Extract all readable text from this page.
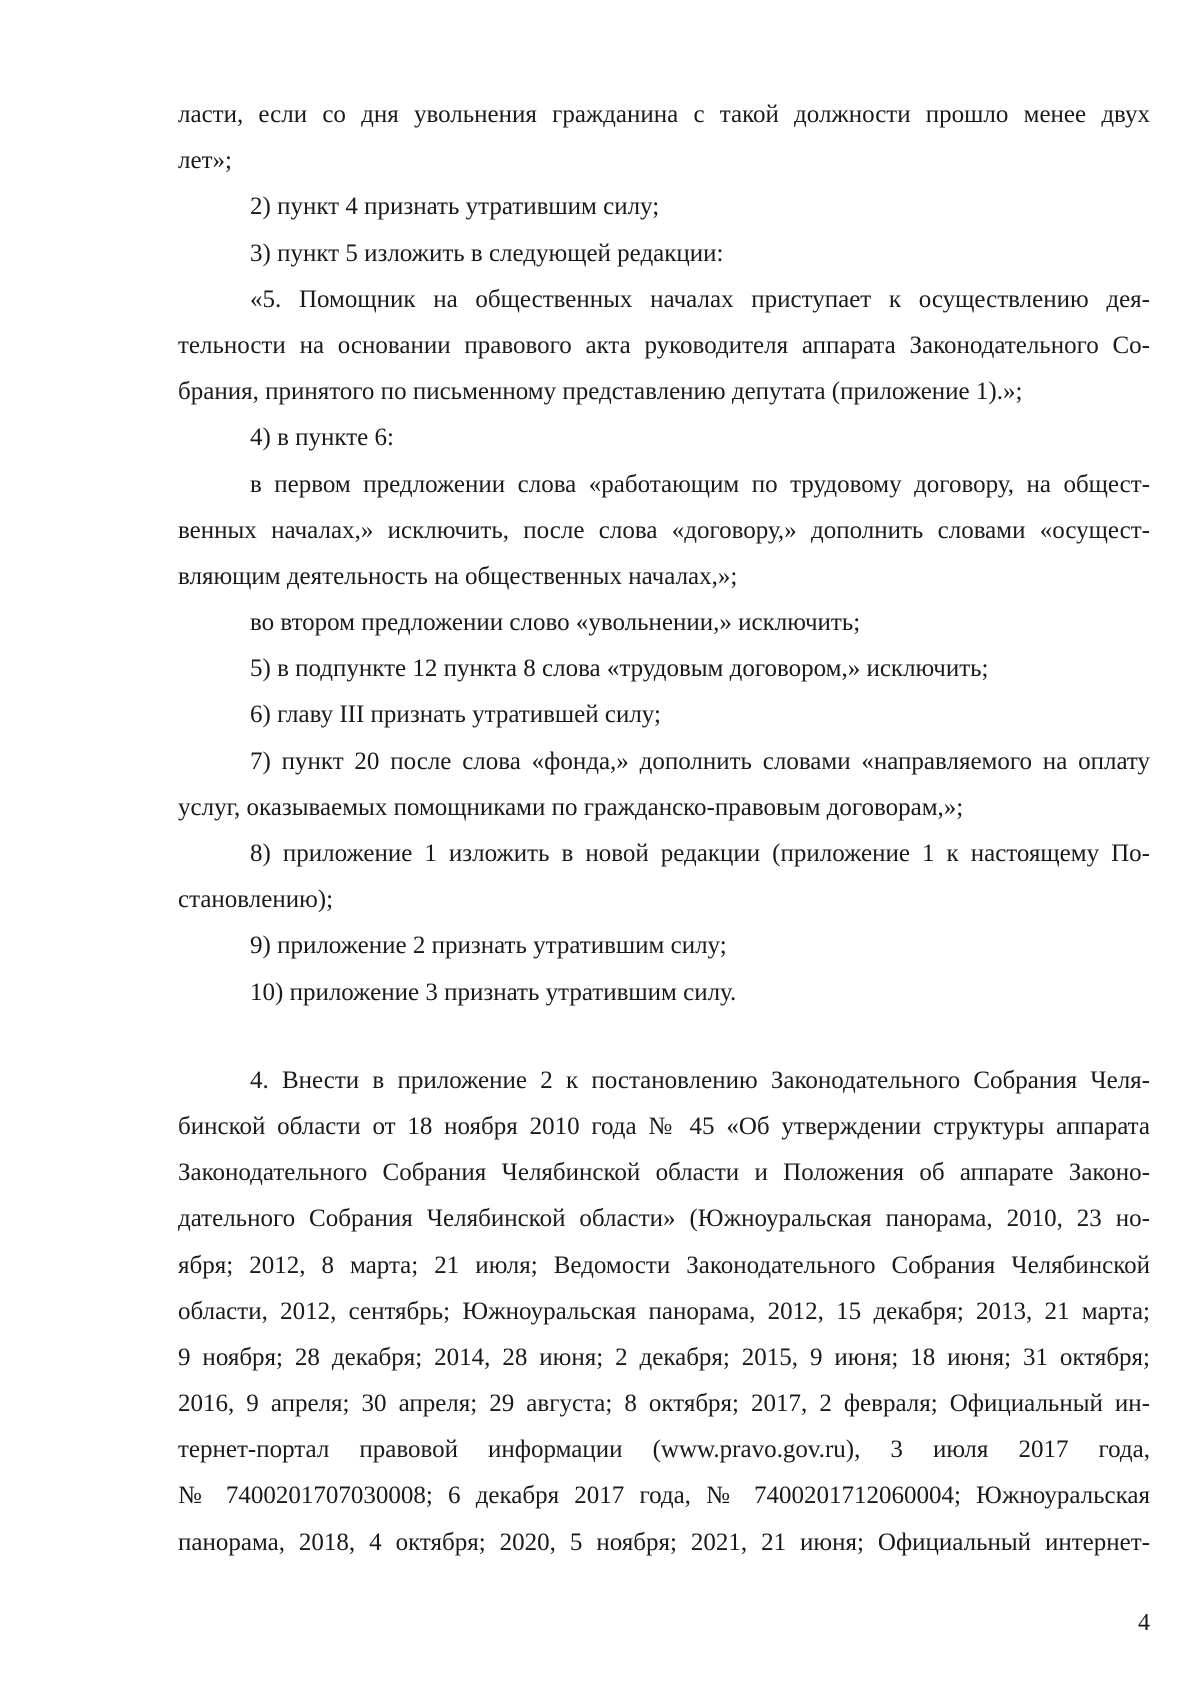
ласти, если со дня увольнения гражданина с такой должности прошло менее двух
лет»;
2) пункт 4 признать утратившим силу;
3) пункт 5 изложить в следующей редакции:
«5. Помощник на общественных началах приступает к осуществлению дея-
тельности на основании правового акта руководителя аппарата Законодательного Со-
брания, принятого по письменному представлению депутата (приложение 1).»;
4) в пункте 6:
в первом предложении слова «работающим по трудовому договору, на общест-
венных началах,» исключить, после слова «договору,» дополнить словами «осущест-
вляющим деятельность на общественных началах,»;
во втором предложении слово «увольнении,» исключить;
5) в подпункте 12 пункта 8 слова «трудовым договором,» исключить;
6) главу III признать утратившей силу;
7) пункт 20 после слова «фонда,» дополнить словами «направляемого на оплату
услуг, оказываемых помощниками по гражданско-правовым договорам,»;
8) приложение 1 изложить в новой редакции (приложение 1 к настоящему По-
становлению);
9) приложение 2 признать утратившим силу;
10) приложение 3 признать утратившим силу.
4. Внести в приложение 2 к постановлению Законодательного Собрания Челя-
бинской области от 18 ноября 2010 года № 45 «Об утверждении структуры аппарата
Законодательного Собрания Челябинской области и Положения об аппарате Законо-
дательного Собрания Челябинской области» (Южноуральская панорама, 2010, 23 но-
ября; 2012, 8 марта; 21 июля; Ведомости Законодательного Собрания Челябинской
области, 2012, сентябрь; Южноуральская панорама, 2012, 15 декабря; 2013, 21 марта;
9 ноября; 28 декабря; 2014, 28 июня; 2 декабря; 2015, 9 июня; 18 июня; 31 октября;
2016, 9 апреля; 30 апреля; 29 августа; 8 октября; 2017, 2 февраля; Официальный ин-
тернет-портал правовой информации (www.pravo.gov.ru), 3 июля 2017 года,
№ 7400201707030008; 6 декабря 2017 года, № 7400201712060004; Южноуральская
панорама, 2018, 4 октября; 2020, 5 ноября; 2021, 21 июня; Официальный интернет-
4
